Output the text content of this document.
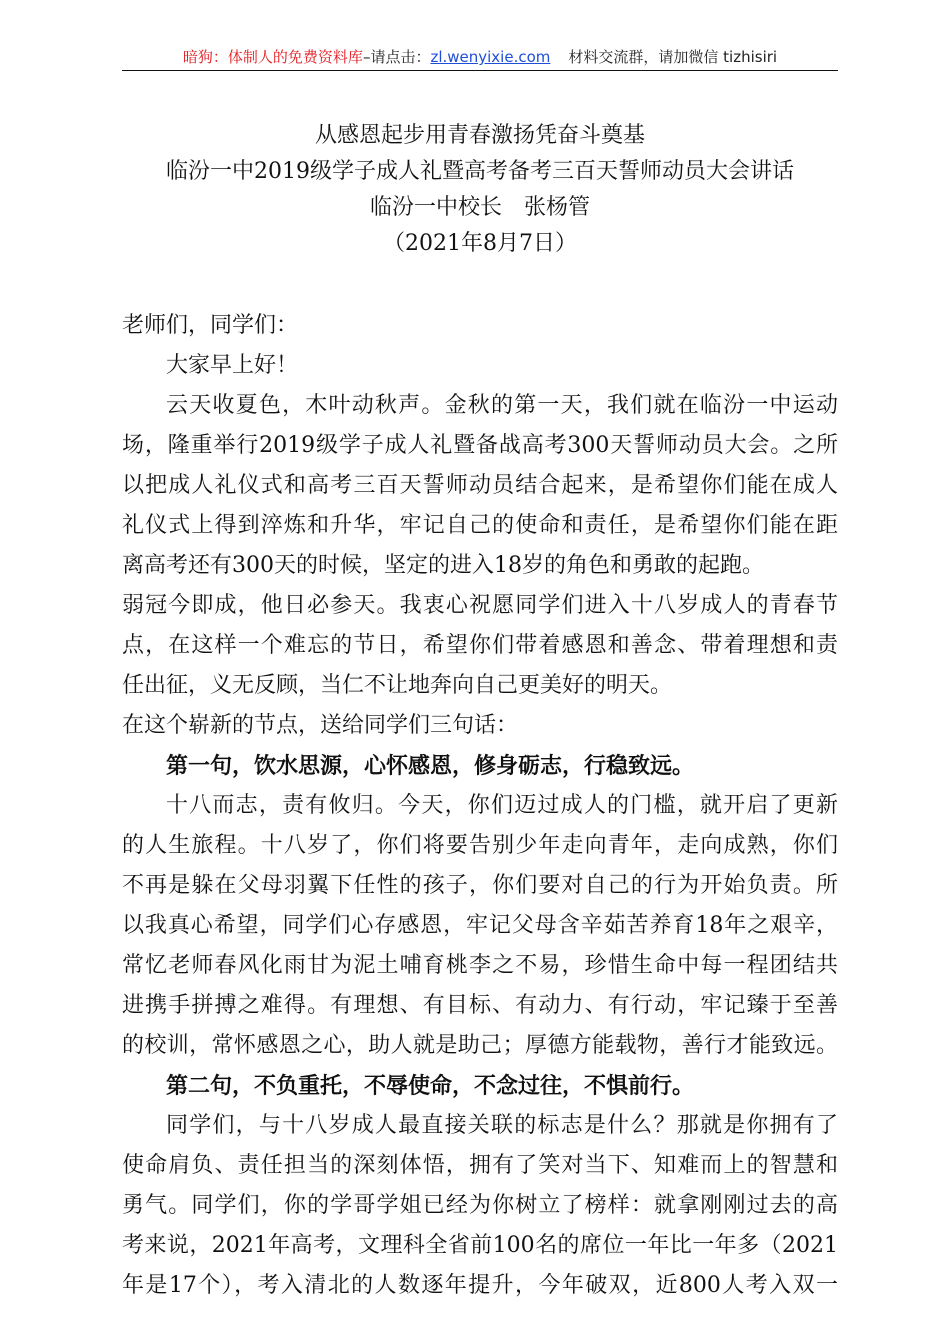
暗狗：体制人的免费资料库–请点击：zl.wenyixie.com 材料交流群，请加微信 tizhisiri
从感恩起步用青春激扬凭奋斗奠基
临汾一中2019级学子成人礼暨高考备考三百天誓师动员大会讲话
临汾一中校长　张杨管
（2021年8月7日）
老师们，同学们：
大家早上好！
云天收夏色，木叶动秋声。金秋的第一天，我们就在临汾一中运动
场，隆重举行2019级学子成人礼暨备战高考300天誓师动员大会。之所
以把成人礼仪式和高考三百天誓师动员结合起来，是希望你们能在成人
礼仪式上得到淬炼和升华，牢记自己的使命和责任，是希望你们能在距
离高考还有300天的时候，坚定的进入18岁的角色和勇敢的起跑。
弱冠今即成，他日必参天。我衷心祝愿同学们进入十八岁成人的青春节
点，在这样一个难忘的节日，希望你们带着感恩和善念、带着理想和责
任出征，义无反顾，当仁不让地奔向自己更美好的明天。
在这个崭新的节点，送给同学们三句话：
第一句，饮水思源，心怀感恩，修身砺志，行稳致远。
十八而志，责有攸归。今天，你们迈过成人的门槛，就开启了更新
的人生旅程。十八岁了，你们将要告别少年走向青年，走向成熟，你们
不再是躲在父母羽翼下任性的孩子，你们要对自己的行为开始负责。所
以我真心希望，同学们心存感恩，牢记父母含辛茹苦养育18年之艰辛，
常忆老师春风化雨甘为泥土哺育桃李之不易，珍惜生命中每一程团结共
进携手拼搏之难得。有理想、有目标、有动力、有行动，牢记臻于至善
的校训，常怀感恩之心，助人就是助己；厚德方能载物，善行才能致远。
第二句，不负重托，不辱使命，不念过往，不惧前行。
同学们，与十八岁成人最直接关联的标志是什么？那就是你拥有了
使命肩负、责任担当的深刻体悟，拥有了笑对当下、知难而上的智慧和
勇气。同学们，你的学哥学姐已经为你树立了榜样：就拿刚刚过去的高
考来说，2021年高考，文理科全省前100名的席位一年比一年多（2021
年是17个），考入清北的人数逐年提升，今年破双，近800人考入双一
